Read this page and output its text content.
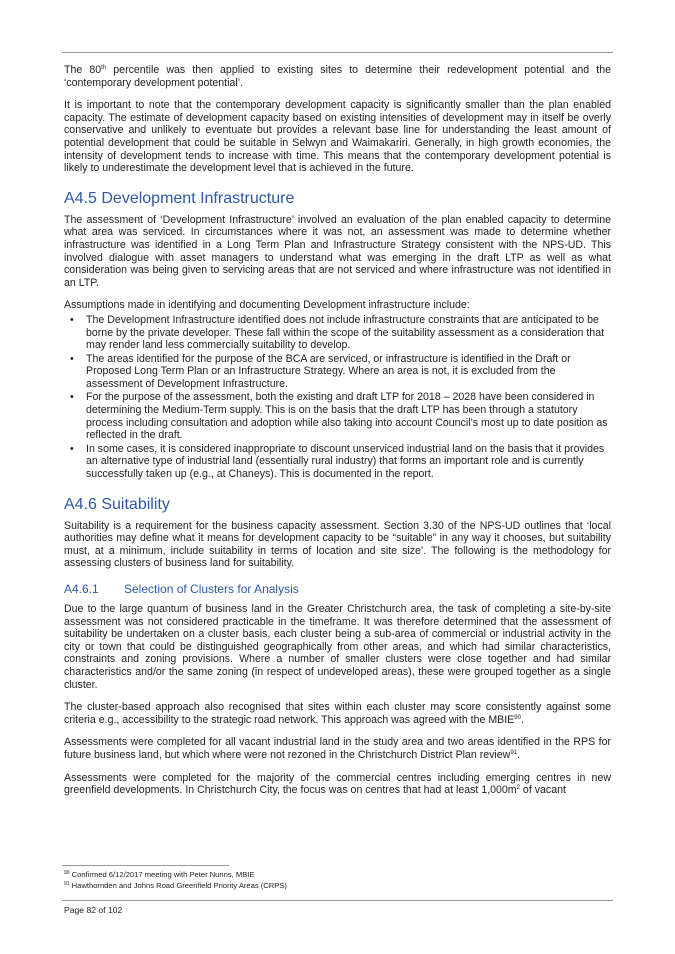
The 80th percentile was then applied to existing sites to determine their redevelopment potential and the ‘contemporary development potential’.

It is important to note that the contemporary development capacity is significantly smaller than the plan enabled capacity. The estimate of development capacity based on existing intensities of development may in itself be overly conservative and unlikely to eventuate but provides a relevant base line for understanding the least amount of potential development that could be suitable in Selwyn and Waimakariri. Generally, in high growth economies, the intensity of development tends to increase with time. This means that the contemporary development potential is likely to underestimate the development level that is achieved in the future.

A4.5 Development Infrastructure

The assessment of ‘Development Infrastructure’ involved an evaluation of the plan enabled capacity to determine what area was serviced. In circumstances where it was not, an assessment was made to determine whether infrastructure was identified in a Long Term Plan and Infrastructure Strategy consistent with the NPS-UD. This involved dialogue with asset managers to understand what was emerging in the draft LTP as well as what consideration was being given to servicing areas that are not serviced and where infrastructure was not identified in an LTP.

Assumptions made in identifying and documenting Development infrastructure include:

• The Development Infrastructure identified does not include infrastructure constraints that are anticipated to be borne by the private developer. These fall within the scope of the suitability assessment as a consideration that may render land less commercially suitability to develop.
• The areas identified for the purpose of the BCA are serviced, or infrastructure is identified in the Draft or Proposed Long Term Plan or an Infrastructure Strategy. Where an area is not, it is excluded from the assessment of Development Infrastructure.
• For the purpose of the assessment, both the existing and draft LTP for 2018 – 2028 have been considered in determining the Medium-Term supply. This is on the basis that the draft LTP has been through a statutory process including consultation and adoption while also taking into account Council’s most up to date position as reflected in the draft.
• In some cases, it is considered inappropriate to discount unserviced industrial land on the basis that it provides an alternative type of industrial land (essentially rural industry) that forms an important role and is currently successfully taken up (e.g., at Chaneys). This is documented in the report.
A4.6 Suitability

Suitability is a requirement for the business capacity assessment. Section 3.30 of the NPS-UD outlines that ‘local authorities may define what it means for development capacity to be “suitable” in any way it chooses, but suitability must, at a minimum, include suitability in terms of location and site size’. The following is the methodology for assessing clusters of business land for suitability.

A4.6.1 Selection of Clusters for Analysis

Due to the large quantum of business land in the Greater Christchurch area, the task of completing a site-by-site assessment was not considered practicable in the timeframe. It was therefore determined that the assessment of suitability be undertaken on a cluster basis, each cluster being a sub-area of commercial or industrial activity in the city or town that could be distinguished geographically from other areas, and which had similar characteristics, constraints and zoning provisions. Where a number of smaller clusters were close together and had similar characteristics and/or the same zoning (in respect of undeveloped areas), these were grouped together as a single cluster.

The cluster-based approach also recognised that sites within each cluster may score consistently against some criteria e.g., accessibility to the strategic road network. This approach was agreed with the MBIE$^{90}$.

Assessments were completed for all vacant industrial land in the study area and two areas identified in the RPS for future business land, but which where were not rezoned in the Christchurch District Plan review$^{91}$.

Assessments were completed for the majority of the commercial centres including emerging centres in new greenfield developments. In Christchurch City, the focus was on centres that had at least $1,000m^2$ of vacant

$^{90}$ Confirmed 6/12/2017 meeting with Peter Nunns, MBIE
$^{91}$ Hawthornden and Johns Road Greenfield Priority Areas (CRPS)
Page 82 of 102
